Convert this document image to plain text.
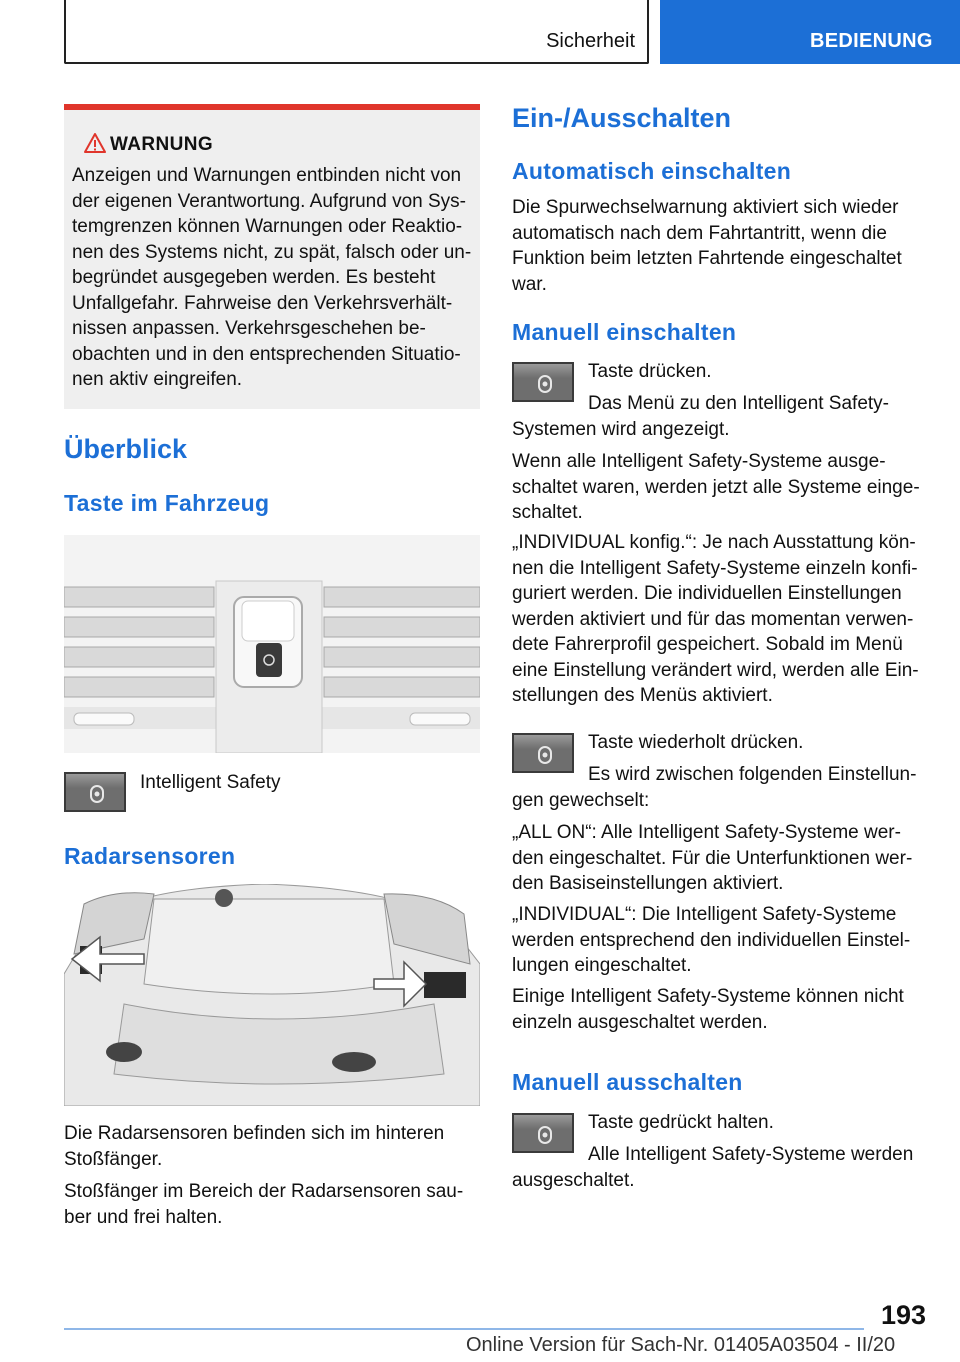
Sicherheit	BEDIENUNG
WARNUNG

Anzeigen und Warnungen entbinden nicht von

der eigenen Verantwortung. Aufgrund von Sys-

temgrenzen können Warnungen oder Reaktio-

nen des Systems nicht, zu spät, falsch oder un-

begründet ausgegeben werden. Es besteht

Unfallgefahr. Fahrweise den Verkehrsverhält-

nissen anpassen. Verkehrsgeschehen be-

obachten und in den entsprechenden Situatio-

nen aktiv eingreifen.

Überblick
Taste im Fahrzeug

Intelligent Safety

Radarsensoren

Die Radarsensoren befinden sich im hinteren

Stoßfänger.

Stoßfänger im Bereich der Radarsensoren sau-

ber und frei halten.

Ein-/Ausschalten
Automatisch einschalten

Die Spurwechselwarnung aktiviert sich wieder

automatisch nach dem Fahrtantritt, wenn die

Funktion beim letzten Fahrtende eingeschaltet

war.

Manuell einschalten

Taste drücken.

Das Menü zu den Intelligent Safety-

Systemen wird angezeigt.

Wenn alle Intelligent Safety-Systeme ausge-

schaltet waren, werden jetzt alle Systeme einge-

schaltet.

„INDIVIDUAL konfig.“: Je nach Ausstattung kön-

nen die Intelligent Safety-Systeme einzeln konfi-

guriert werden. Die individuellen Einstellungen

werden aktiviert und für das momentan verwen-

dete Fahrerprofil gespeichert. Sobald im Menü

eine Einstellung verändert wird, werden alle Ein-

stellungen des Menüs aktiviert.

Taste wiederholt drücken.

Es wird zwischen folgenden Einstellun-

gen gewechselt:

„ALL ON“: Alle Intelligent Safety-Systeme wer-

den eingeschaltet. Für die Unterfunktionen wer-

den Basiseinstellungen aktiviert.

„INDIVIDUAL“: Die Intelligent Safety-Systeme

werden entsprechend den individuellen Einstel-

lungen eingeschaltet.

Einige Intelligent Safety-Systeme können nicht

einzeln ausgeschaltet werden.

Manuell ausschalten

Taste gedrückt halten.

Alle Intelligent Safety-Systeme werden

ausgeschaltet.

193
Online Version für Sach-Nr. 01405A03504 - II/20
